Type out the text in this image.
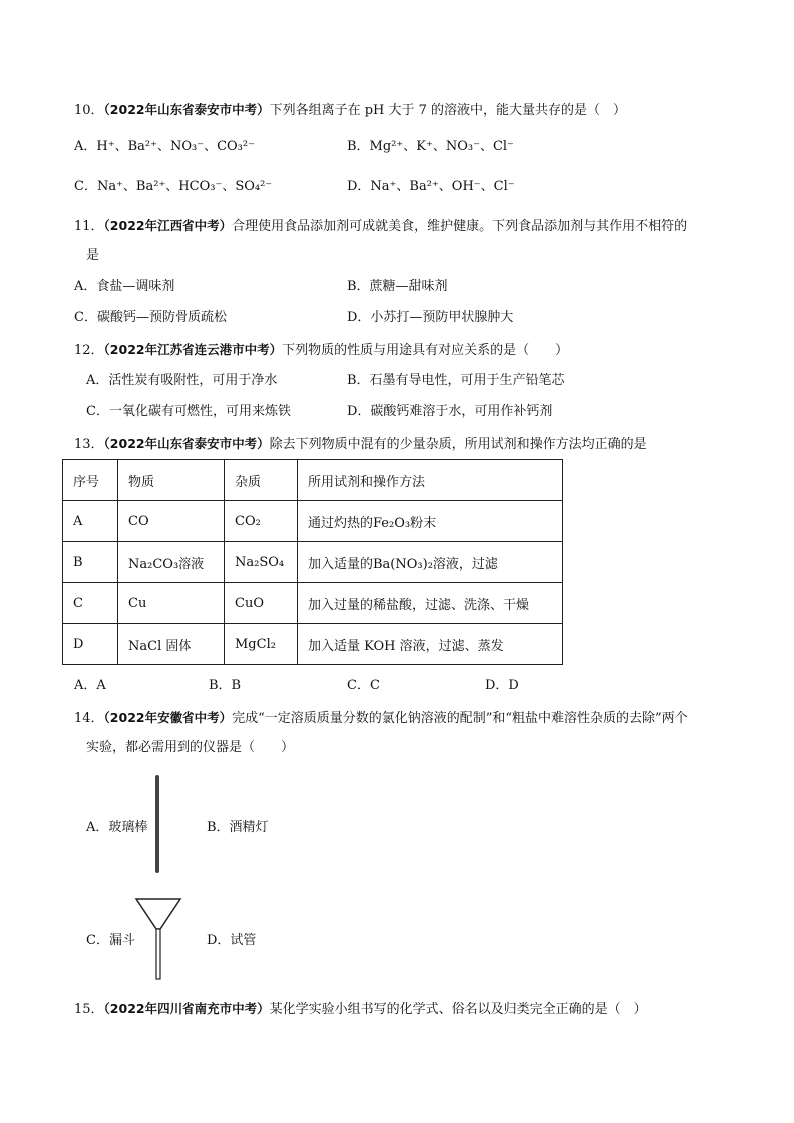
10．（2022年山东省泰安市中考）下列各组离子在 pH 大于 7 的溶液中，能大量共存的是（　）
A．H⁺、Ba²⁺、NO₃⁻、CO₃²⁻	B．Mg²⁺、K⁺、NO₃⁻、Cl⁻
C．Na⁺、Ba²⁺、HCO₃⁻、SO₄²⁻	D．Na⁺、Ba²⁺、OH⁻、Cl⁻
11．（2022年江西省中考）合理使用食品添加剂可成就美食，维护健康。下列食品添加剂与其作用不相符的
是
A．食盐—调味剂	B．蔗糖—甜味剂
C．碳酸钙—预防骨质疏松	D．小苏打—预防甲状腺肿大
12．（2022年江苏省连云港市中考）下列物质的性质与用途具有对应关系的是（　　）
A．活性炭有吸附性，可用于净水	B．石墨有导电性，可用于生产铅笔芯
C．一氧化碳有可燃性，可用来炼铁	D．碳酸钙难溶于水，可用作补钙剂
13．（2022年山东省泰安市中考）除去下列物质中混有的少量杂质，所用试剂和操作方法均正确的是
序号	物质	杂质	所用试剂和操作方法
A	CO	CO₂	通过灼热的Fe₂O₃粉末
B	Na₂CO₃溶液	Na₂SO₄	加入适量的Ba(NO₃)₂溶液，过滤
C	Cu	CuO	加入过量的稀盐酸，过滤、洗涤、干燥
D	NaCl 固体	MgCl₂	加入适量 KOH 溶液，过滤、蒸发
A．A	B．B	C．C	D．D
14．（2022年安徽省中考）完成“一定溶质质量分数的氯化钠溶液的配制”和“粗盐中难溶性杂质的去除”两个
实验，都必需用到的仪器是（　　）
A．玻璃棒	B．酒精灯
C．漏斗	D．试管
15．（2022年四川省南充市中考）某化学实验小组书写的化学式、俗名以及归类完全正确的是（　）
